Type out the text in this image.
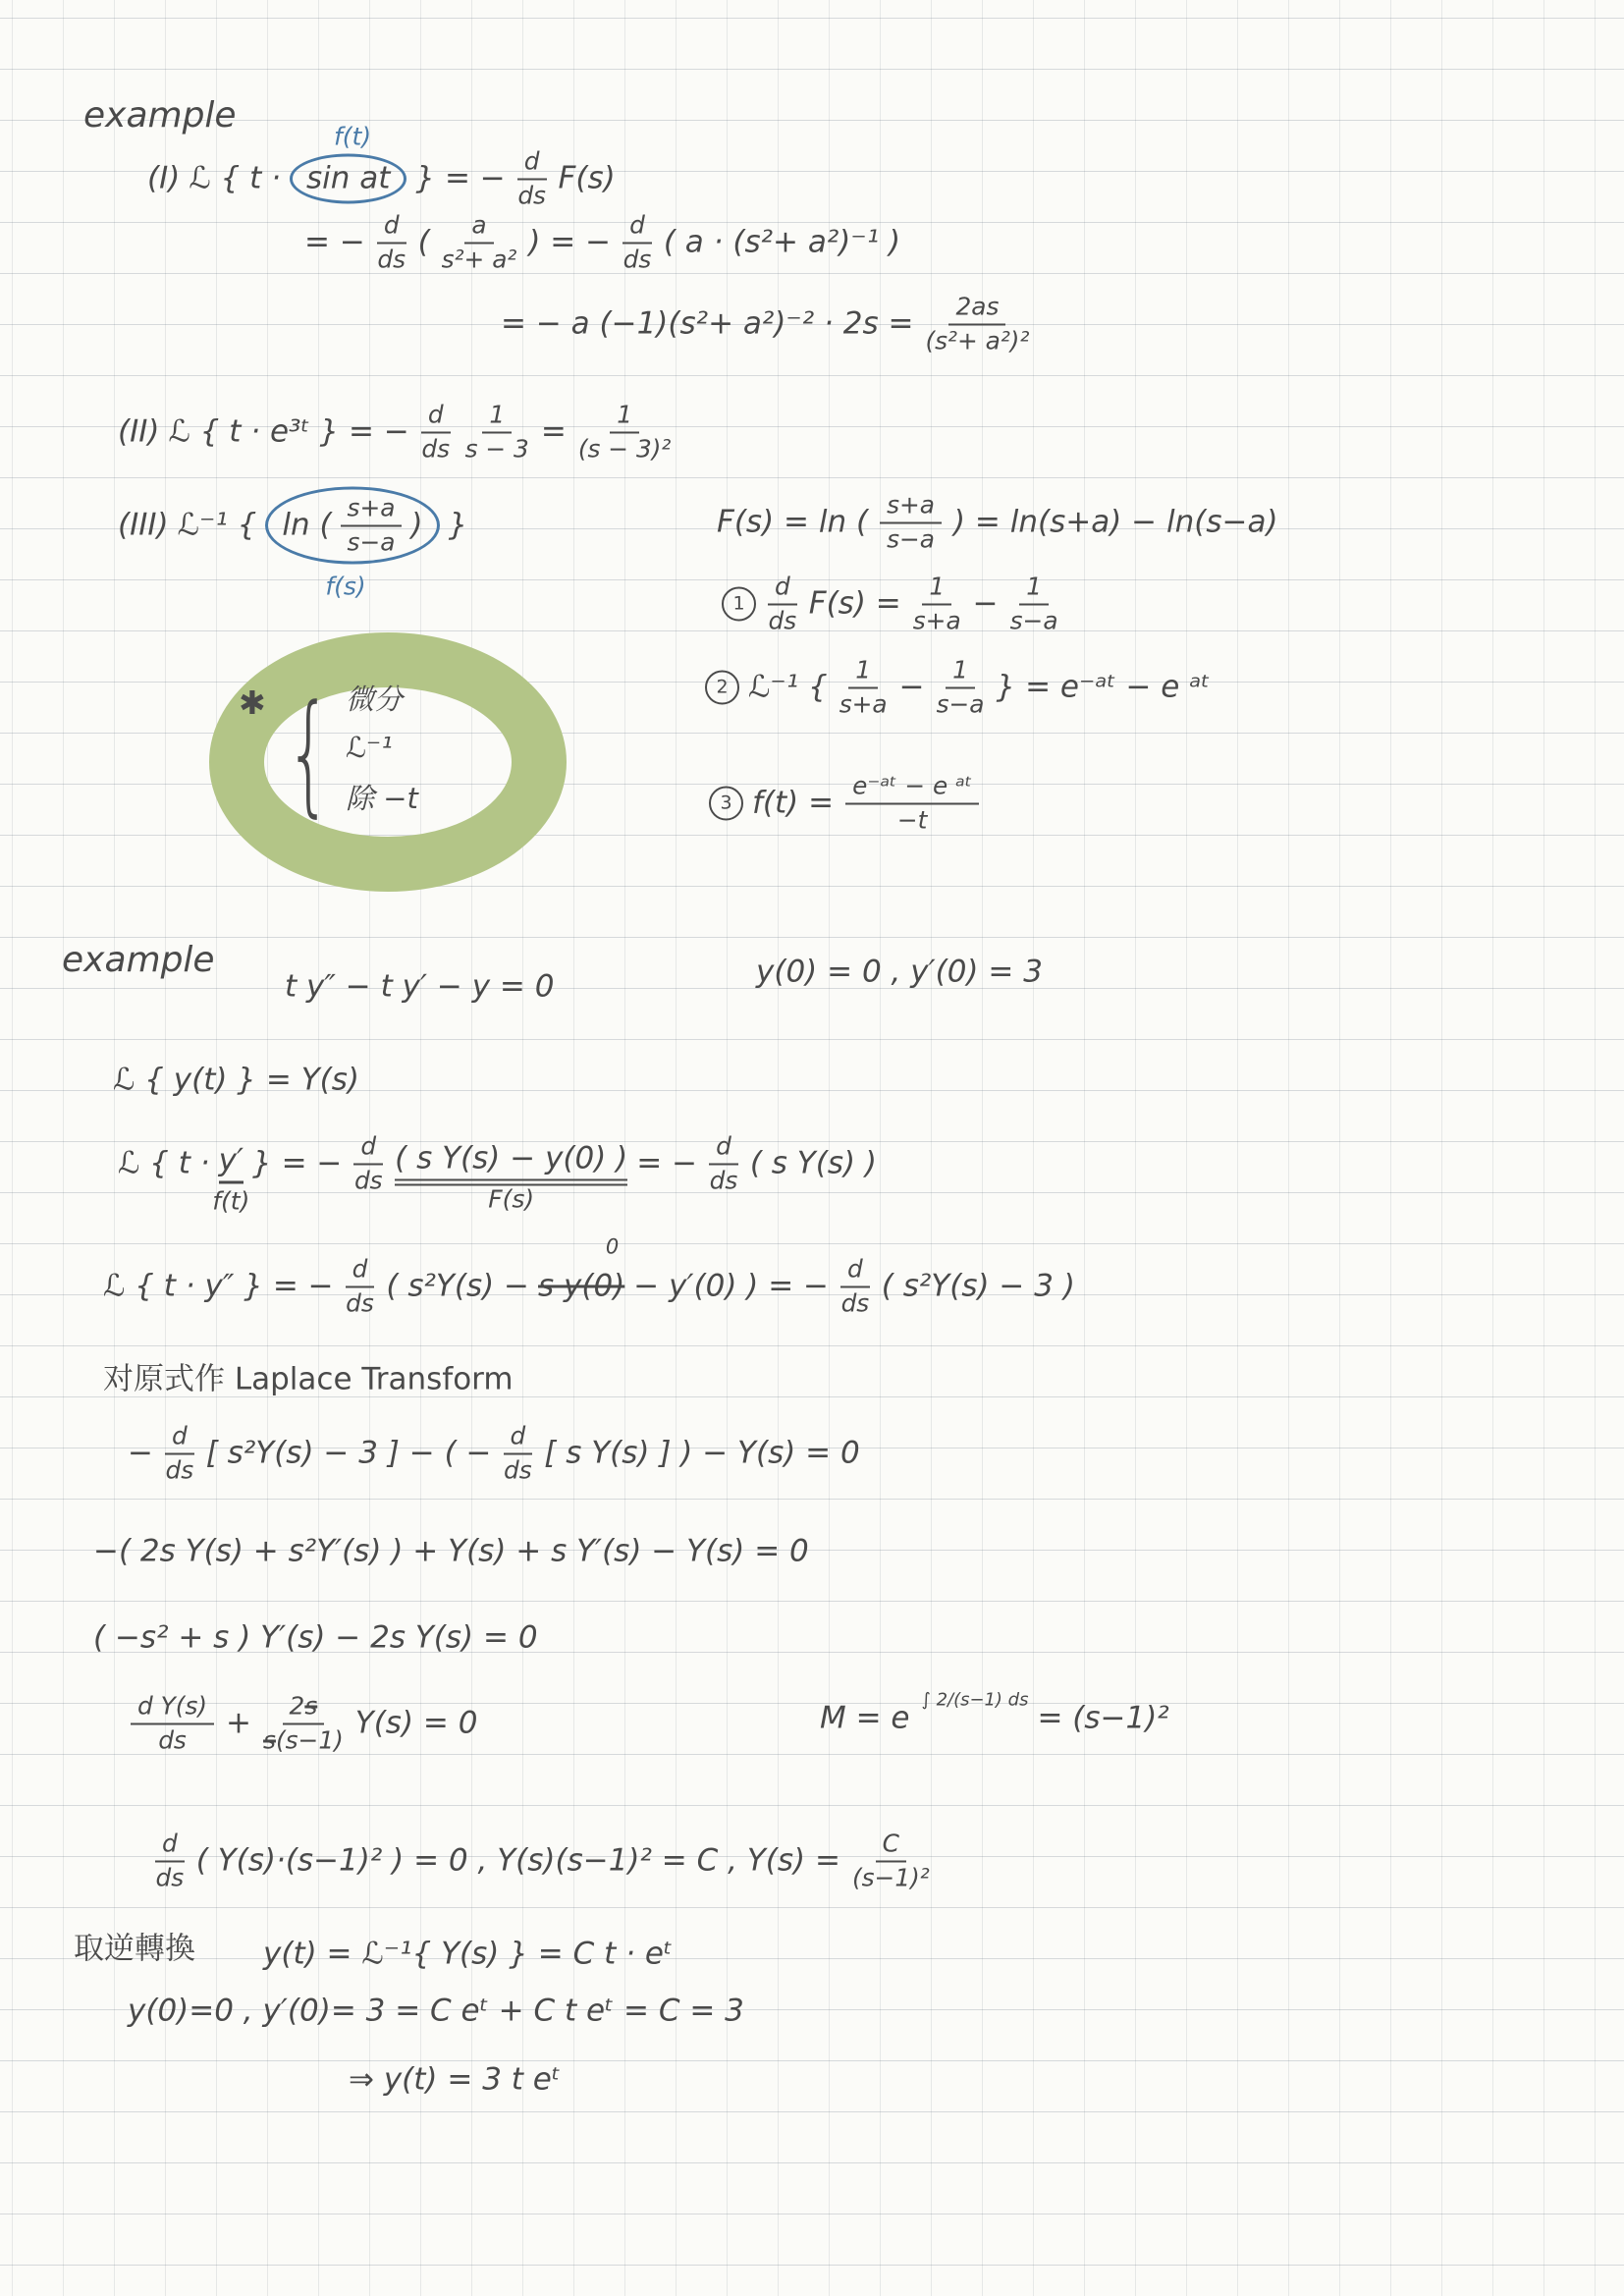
✱ { 微分
ℒ⁻¹
除 −t
example
(I) ℒ { t · sin at
f(t)
} = − $\frac{d}{ds} F(s)$
= − $\frac{d}{ds}$ ( $\frac{a}{\text{s²+ a²}}$ ) = − $\frac{d}{ds}$ ( a · (s²+ a²)⁻¹ )
= − a $(-1)(s^2+ a^2)^{-2} \cdot 2s = \frac{2as}{\text{(s²+ a²)²}}$
(II) ℒ { t · e³ᵗ } = − $\frac{d}{ds} \frac{1}{s - 3} = \frac{1}{\text{(s − 3)²}}$
(III) ℒ⁻¹ { ln ( $\frac{s+a}{s-a}$ )
f(s)
}	F(s) = ln ( $\frac{s+a}{s-a}$ ) = ln(s+a) − ln(s−a)
$1 \frac{d}{ds} F(s) = \frac{1}{s+a} - \frac{1}{s-a}$
2 ℒ⁻¹ { $\frac{1}{s+a} - \frac{1}{s-a}$ } = e⁻ᵃᵗ − e ᵃᵗ
3 $f(t) = \frac{\text{e⁻ᵃᵗ − e ᵃᵗ}}{-t}$
example
t y″ − t y′ − y = 0	y(0) = 0 , y′(0) = 3
ℒ { y(t) } = Y(s)
ℒ { t · y′
f(t)
} = − $\frac{d}{ds}$ ( s Y(s) − y(0) )
F(s)
= − $\frac{d}{ds}$ ( s Y(s) )
ℒ { t · y″ } = − $\frac{d}{ds}$ ( s²Y(s) − s y(0)
0
− y′(0) ) = − $\frac{d}{ds}$ ( s²Y(s) − 3 )
对原式作 Laplace Transform
− $\frac{d}{ds}$ [ s²Y(s) − 3 ] − ( − $\frac{d}{ds}$ [ s Y(s) ] ) − Y(s) = 0
−( 2s Y(s) + s²Y′(s) ) + Y(s) + s Y′(s) − Y(s) = 0
( −s² + s ) Y′(s) − 2s Y(s) = 0
$\frac{\text{d Y(s)}}{ds} + \frac{2 s}{s (s-1)} Y(s) = 0$	M = e
∫ 2/(s−1) ds
= (s−1)²
$\frac{d}{ds}$ ( Y(s)·(s−1)² ) = 0 , Y(s)(s−1)² = C , $Y(s) = \frac{C}{\text{(s−1)²}}$
取逆轉換 y(t) = ℒ⁻¹{ Y(s) } = C t · eᵗ
y(0)=0 , y′(0)= 3 = C eᵗ + C t eᵗ = C = 3
⇒ y(t) = 3 t eᵗ
